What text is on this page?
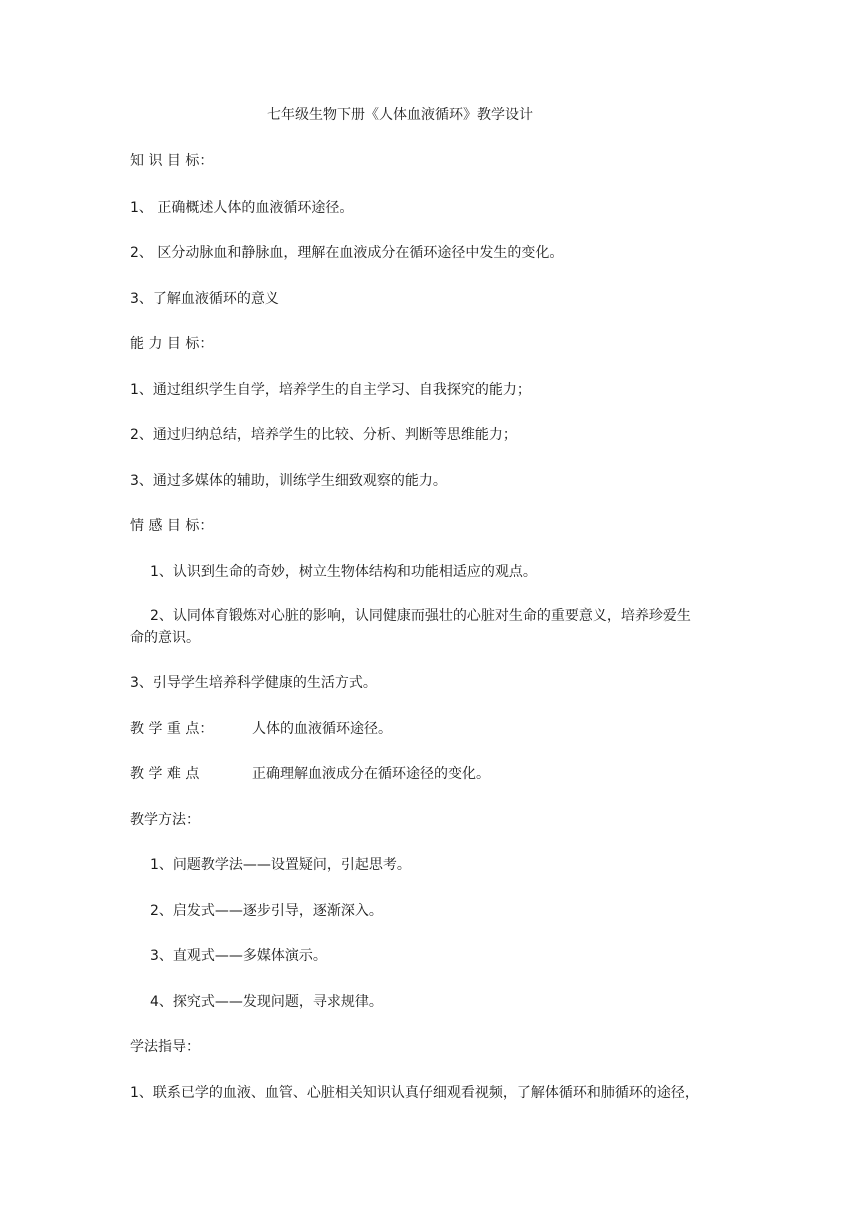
七年级生物下册《人体血液循环》教学设计
知 识 目 标：
1、 正确概述人体的血液循环途径。
2、 区分动脉血和静脉血，理解在血液成分在循环途径中发生的变化。
3、了解血液循环的意义
能 力 目 标：
1、通过组织学生自学，培养学生的自主学习、自我探究的能力；
2、通过归纳总结，培养学生的比较、分析、判断等思维能力；
3、通过多媒体的辅助，训练学生细致观察的能力。
情 感 目 标：
1、认识到生命的奇妙，树立生物体结构和功能相适应的观点。
2、认同体育锻炼对心脏的影响，认同健康而强壮的心脏对生命的重要意义，培养珍爱生
命的意识。
3、引导学生培养科学健康的生活方式。
教 学 重 点：	人体的血液循环途径。
教 学 难 点	正确理解血液成分在循环途径的变化。
教学方法：
1、问题教学法——设置疑问，引起思考。
2、启发式——逐步引导，逐渐深入。
3、直观式——多媒体演示。
4、探究式——发现问题，寻求规律。
学法指导：
1、联系已学的血液、血管、心脏相关知识认真仔细观看视频，了解体循环和肺循环的途径，
